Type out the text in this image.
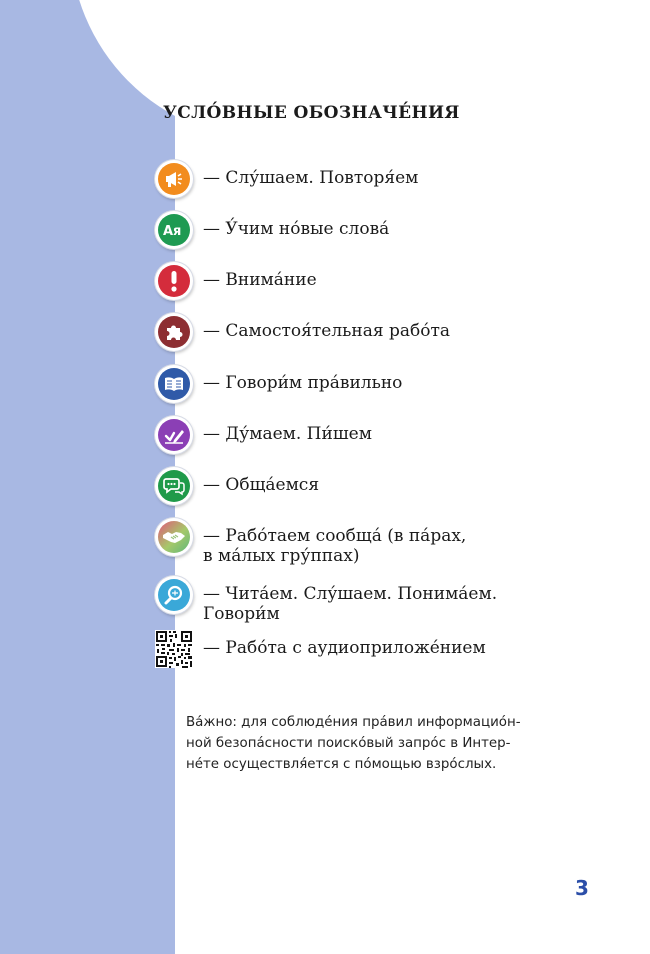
УСЛО́ВНЫЕ ОБОЗНАЧЕ́НИЯ
— Слу́шаем. Повторя́ем
Ая — У́чим но́вые слова́
— Внима́ние
— Самостоя́тельная рабо́та
— Говори́м пра́вильно
— Ду́маем. Пи́шем
— Обща́емся
— Рабо́таем сообща́ (в па́рах,
в ма́лых гру́ппах)
— Чита́ем. Слу́шаем. Понима́ем.
Говори́м
— Рабо́та с аудиоприложе́нием
Ва́жно: для соблюде́ния пра́вил информацио́н-
ной безопа́сности поиско́вый запро́с в Интер-
не́те осуществля́ется с по́мощью взро́слых.
3
